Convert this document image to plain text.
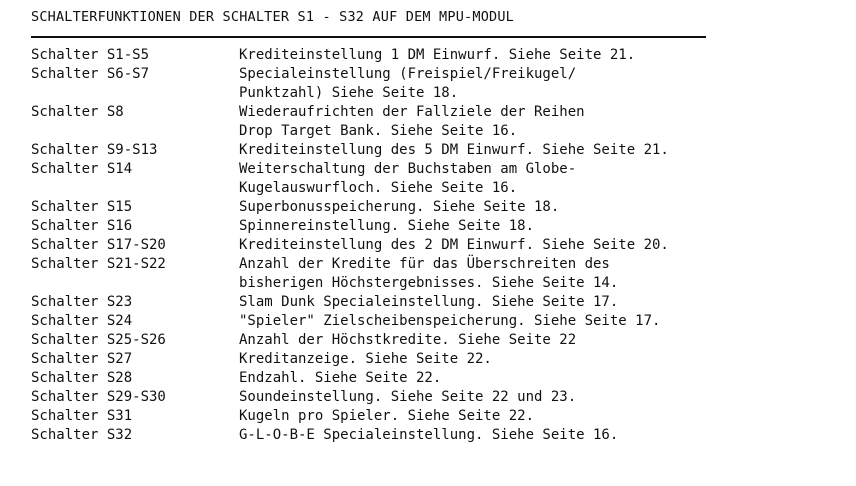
SCHALTERFUNKTIONEN DER SCHALTER S1 - S32 AUF DEM MPU-MODUL
Schalter S1-S5	Krediteinstellung 1 DM Einwurf. Siehe Seite 21.
Schalter S6-S7	Specialeinstellung (Freispiel/Freikugel/
Punktzahl) Siehe Seite 18.
Schalter S8	Wiederaufrichten der Fallziele der Reihen
Drop Target Bank. Siehe Seite 16.
Schalter S9-S13	Krediteinstellung des 5 DM Einwurf. Siehe Seite 21.
Schalter S14	Weiterschaltung der Buchstaben am Globe-
Kugelauswurfloch. Siehe Seite 16.
Schalter S15	Superbonusspeicherung. Siehe Seite 18.
Schalter S16	Spinnereinstellung. Siehe Seite 18.
Schalter S17-S20	Krediteinstellung des 2 DM Einwurf. Siehe Seite 20.
Schalter S21-S22	Anzahl der Kredite für das Überschreiten des
bisherigen Höchstergebnisses. Siehe Seite 14.
Schalter S23	Slam Dunk Specialeinstellung. Siehe Seite 17.
Schalter S24	"Spieler" Zielscheibenspeicherung. Siehe Seite 17.
Schalter S25-S26	Anzahl der Höchstkredite. Siehe Seite 22
Schalter S27	Kreditanzeige. Siehe Seite 22.
Schalter S28	Endzahl. Siehe Seite 22.
Schalter S29-S30	Soundeinstellung. Siehe Seite 22 und 23.
Schalter S31	Kugeln pro Spieler. Siehe Seite 22.
Schalter S32	G-L-O-B-E Specialeinstellung. Siehe Seite 16.
